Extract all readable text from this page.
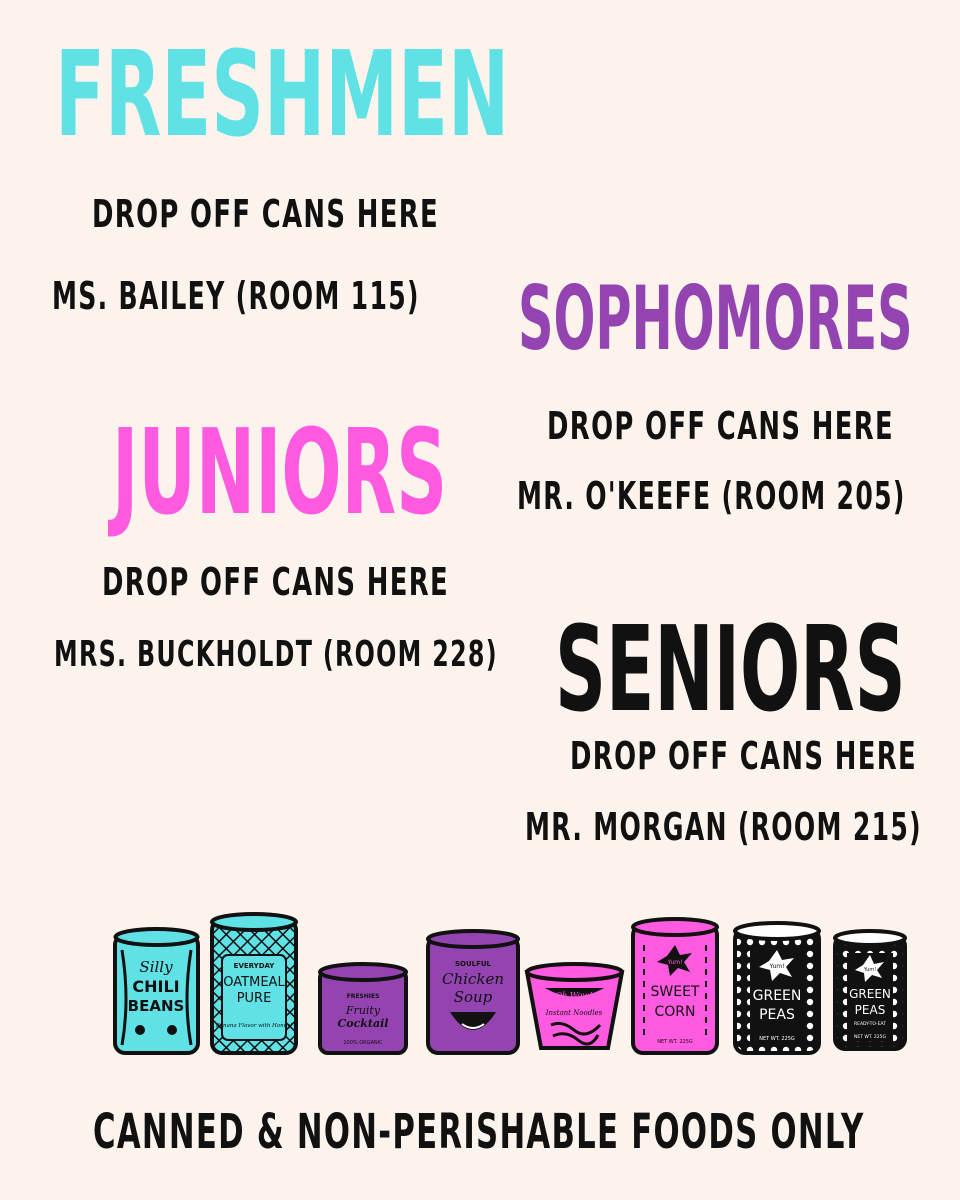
FRESHMEN
DROP OFF CANS HERE
MS. BAILEY (ROOM 115) SOPHOMORES
DROP OFF CANS HERE
MR. O'KEEFE (ROOM 205)
JUNIORS
DROP OFF CANS HERE
MRS. BUCKHOLDT (ROOM 228) SENIORS
DROP OFF CANS HERE
MR. MORGAN (ROOM 215)
Silly
CHILI
BEANS
EVERYDAY
OATMEAL
PURE
Banana Flavor with Honey!
FRESHIES
Fruity
Cocktail
100% ORGANIC
SOULFUL
Chicken
Soup	Oh Wow!
Instant Noodles
Yum!
SWEET
CORN
NET WT. 225G
Yum!
GREEN
PEAS
NET WT. 225G
Yum!
GREEN
PEAS
READY-TO-EAT
NET WT. 225G
CANNED & NON-PERISHABLE FOODS ONLY
